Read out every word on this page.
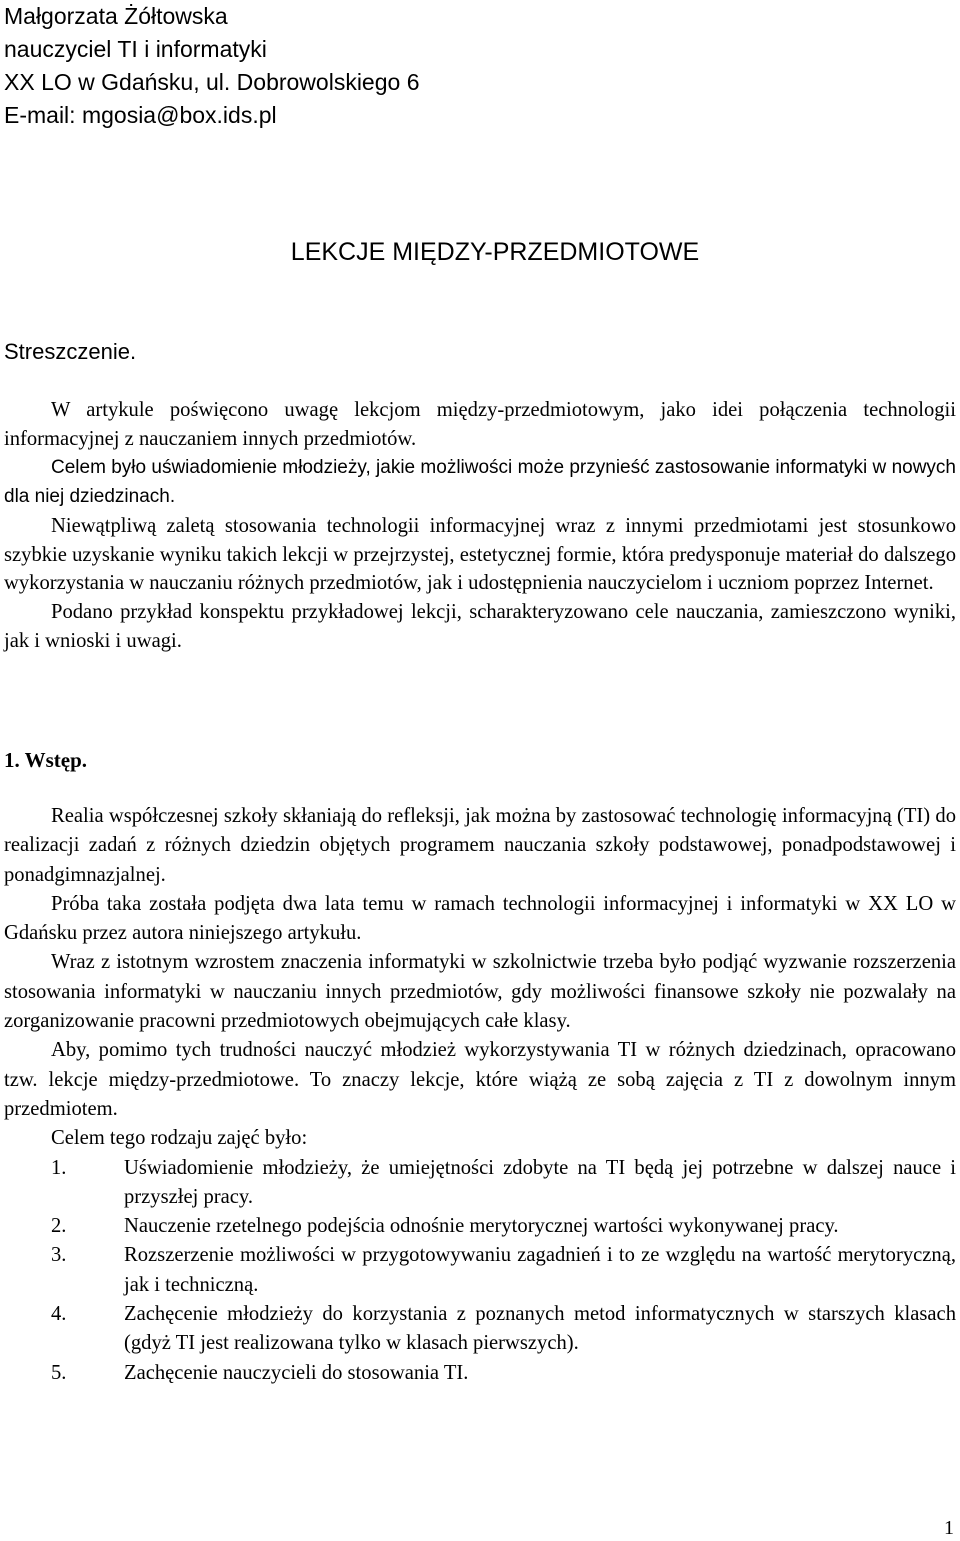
Małgorzata Żółtowska
nauczyciel TI i informatyki
XX LO w Gdańsku, ul. Dobrowolskiego 6
E-mail: mgosia@box.ids.pl
LEKCJE MIĘDZY-PRZEDMIOTOWE
Streszczenie.

W artykule poświęcono uwagę lekcjom między-przedmiotowym, jako idei połączenia technologii informacyjnej z nauczaniem innych przedmiotów.

Celem było uświadomienie młodzieży, jakie możliwości może przynieść zastosowanie informatyki w nowych dla niej dziedzinach.

Niewątpliwą zaletą stosowania technologii informacyjnej wraz z innymi przedmiotami jest stosunkowo szybkie uzyskanie wyniku takich lekcji w przejrzystej, estetycznej formie, która predysponuje materiał do dalszego wykorzystania w nauczaniu różnych przedmiotów, jak i udostępnienia nauczycielom i uczniom poprzez Internet.

Podano przykład konspektu przykładowej lekcji, scharakteryzowano cele nauczania, zamieszczono wyniki, jak i wnioski i uwagi.

1. Wstęp.

Realia współczesnej szkoły skłaniają do refleksji, jak można by zastosować technologię informacyjną (TI) do realizacji zadań z różnych dziedzin objętych programem nauczania szkoły podstawowej, ponadpodstawowej i ponadgimnazjalnej.

Próba taka została podjęta dwa lata temu w ramach technologii informacyjnej i informatyki w XX LO w Gdańsku przez autora niniejszego artykułu.

Wraz z istotnym wzrostem znaczenia informatyki w szkolnictwie trzeba było podjąć wyzwanie rozszerzenia stosowania informatyki w nauczaniu innych przedmiotów, gdy możliwości finansowe szkoły nie pozwalały na zorganizowanie pracowni przedmiotowych obejmujących całe klasy.

Aby, pomimo tych trudności nauczyć młodzież wykorzystywania TI w różnych dziedzinach, opracowano tzw. lekcje między-przedmiotowe. To znaczy lekcje, które wiążą ze sobą zajęcia z TI z dowolnym innym przedmiotem.

Celem tego rodzaju zajęć było:

1.	Uświadomienie młodzieży, że umiejętności zdobyte na TI będą jej potrzebne w dalszej nauce i przyszłej pracy.
2.	Nauczenie rzetelnego podejścia odnośnie merytorycznej wartości wykonywanej pracy.
3.	Rozszerzenie możliwości w przygotowywaniu zagadnień i to ze względu na wartość merytoryczną, jak i techniczną.
4.	Zachęcenie młodzieży do korzystania z poznanych metod informatycznych w starszych klasach (gdyż TI jest realizowana tylko w klasach pierwszych).
5.	Zachęcenie nauczycieli do stosowania TI.
1
